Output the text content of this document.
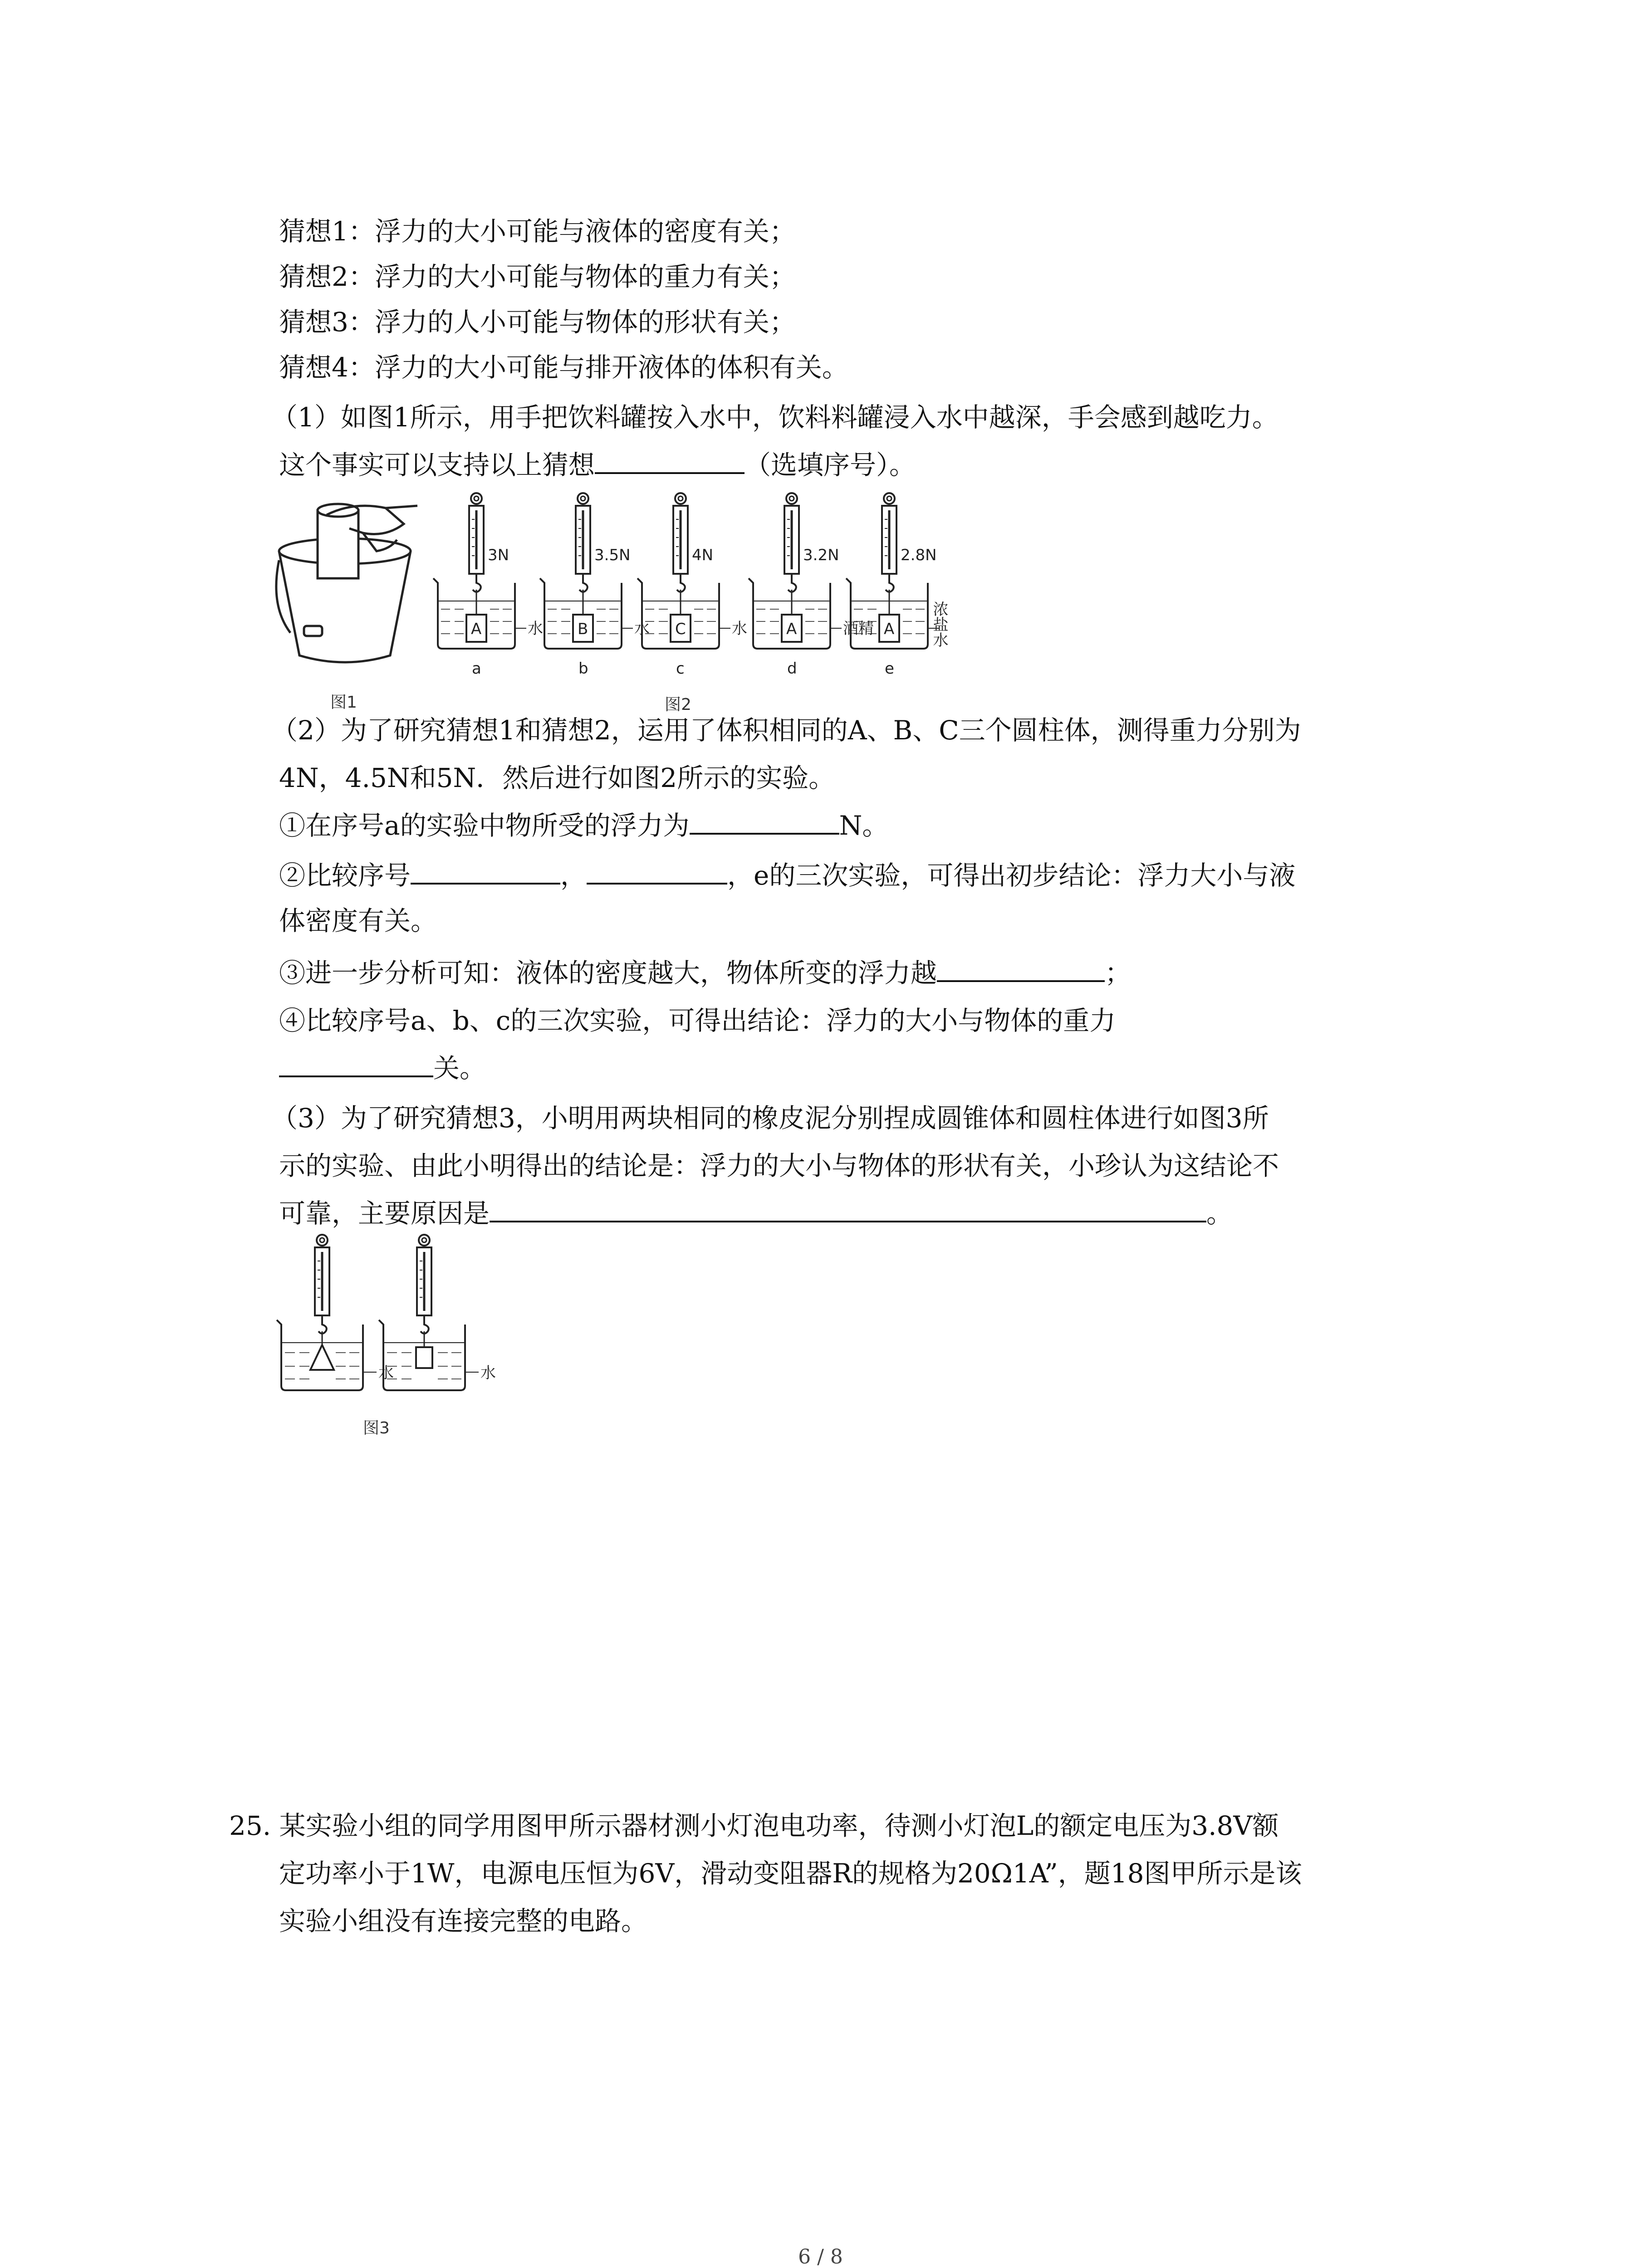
猜想1：浮力的大小可能与液体的密度有关；
猜想2：浮力的大小可能与物体的重力有关；
猜想3：浮力的人小可能与物体的形状有关；
猜想4：浮力的大小可能与排开液体的体积有关。
（1）如图1所示，用手把饮料罐按入水中，饮料料罐浸入水中越深，手会感到越吃力。
这个事实可以支持以上猜想	（选填序号）。
图1
3N	3.5N	4N	3.2N	2.8N
A	B	C	A	A
水	水	水	酒精	浓盐水
a	b	c	d	e
图2
（2）为了研究猜想1和猜想2，运用了体积相同的A、B、C三个圆柱体，测得重力分别为
4N，4.5N和5N．然后进行如图2所示的实验。
①在序号a的实验中物所受的浮力为	N。
②比较序号	，	，e的三次实验，可得出初步结论：浮力大小与液
体密度有关。
③进一步分析可知：液体的密度越大，物体所变的浮力越	；
④比较序号a、b、c的三次实验，可得出结论：浮力的大小与物体的重力
关。
（3）为了研究猜想3，小明用两块相同的橡皮泥分别捏成圆锥体和圆柱体进行如图3所
示的实验、由此小明得出的结论是：浮力的大小与物体的形状有关，小珍认为这结论不
可靠，主要原因是	。
水	水
图3
25. 某实验小组的同学用图甲所示器材测小灯泡电功率，待测小灯泡L的额定电压为3.8V额
定功率小于1W，电源电压恒为6V，滑动变阻器R的规格为20Ω1A”，题18图甲所示是该
实验小组没有连接完整的电路。
6 / 8
